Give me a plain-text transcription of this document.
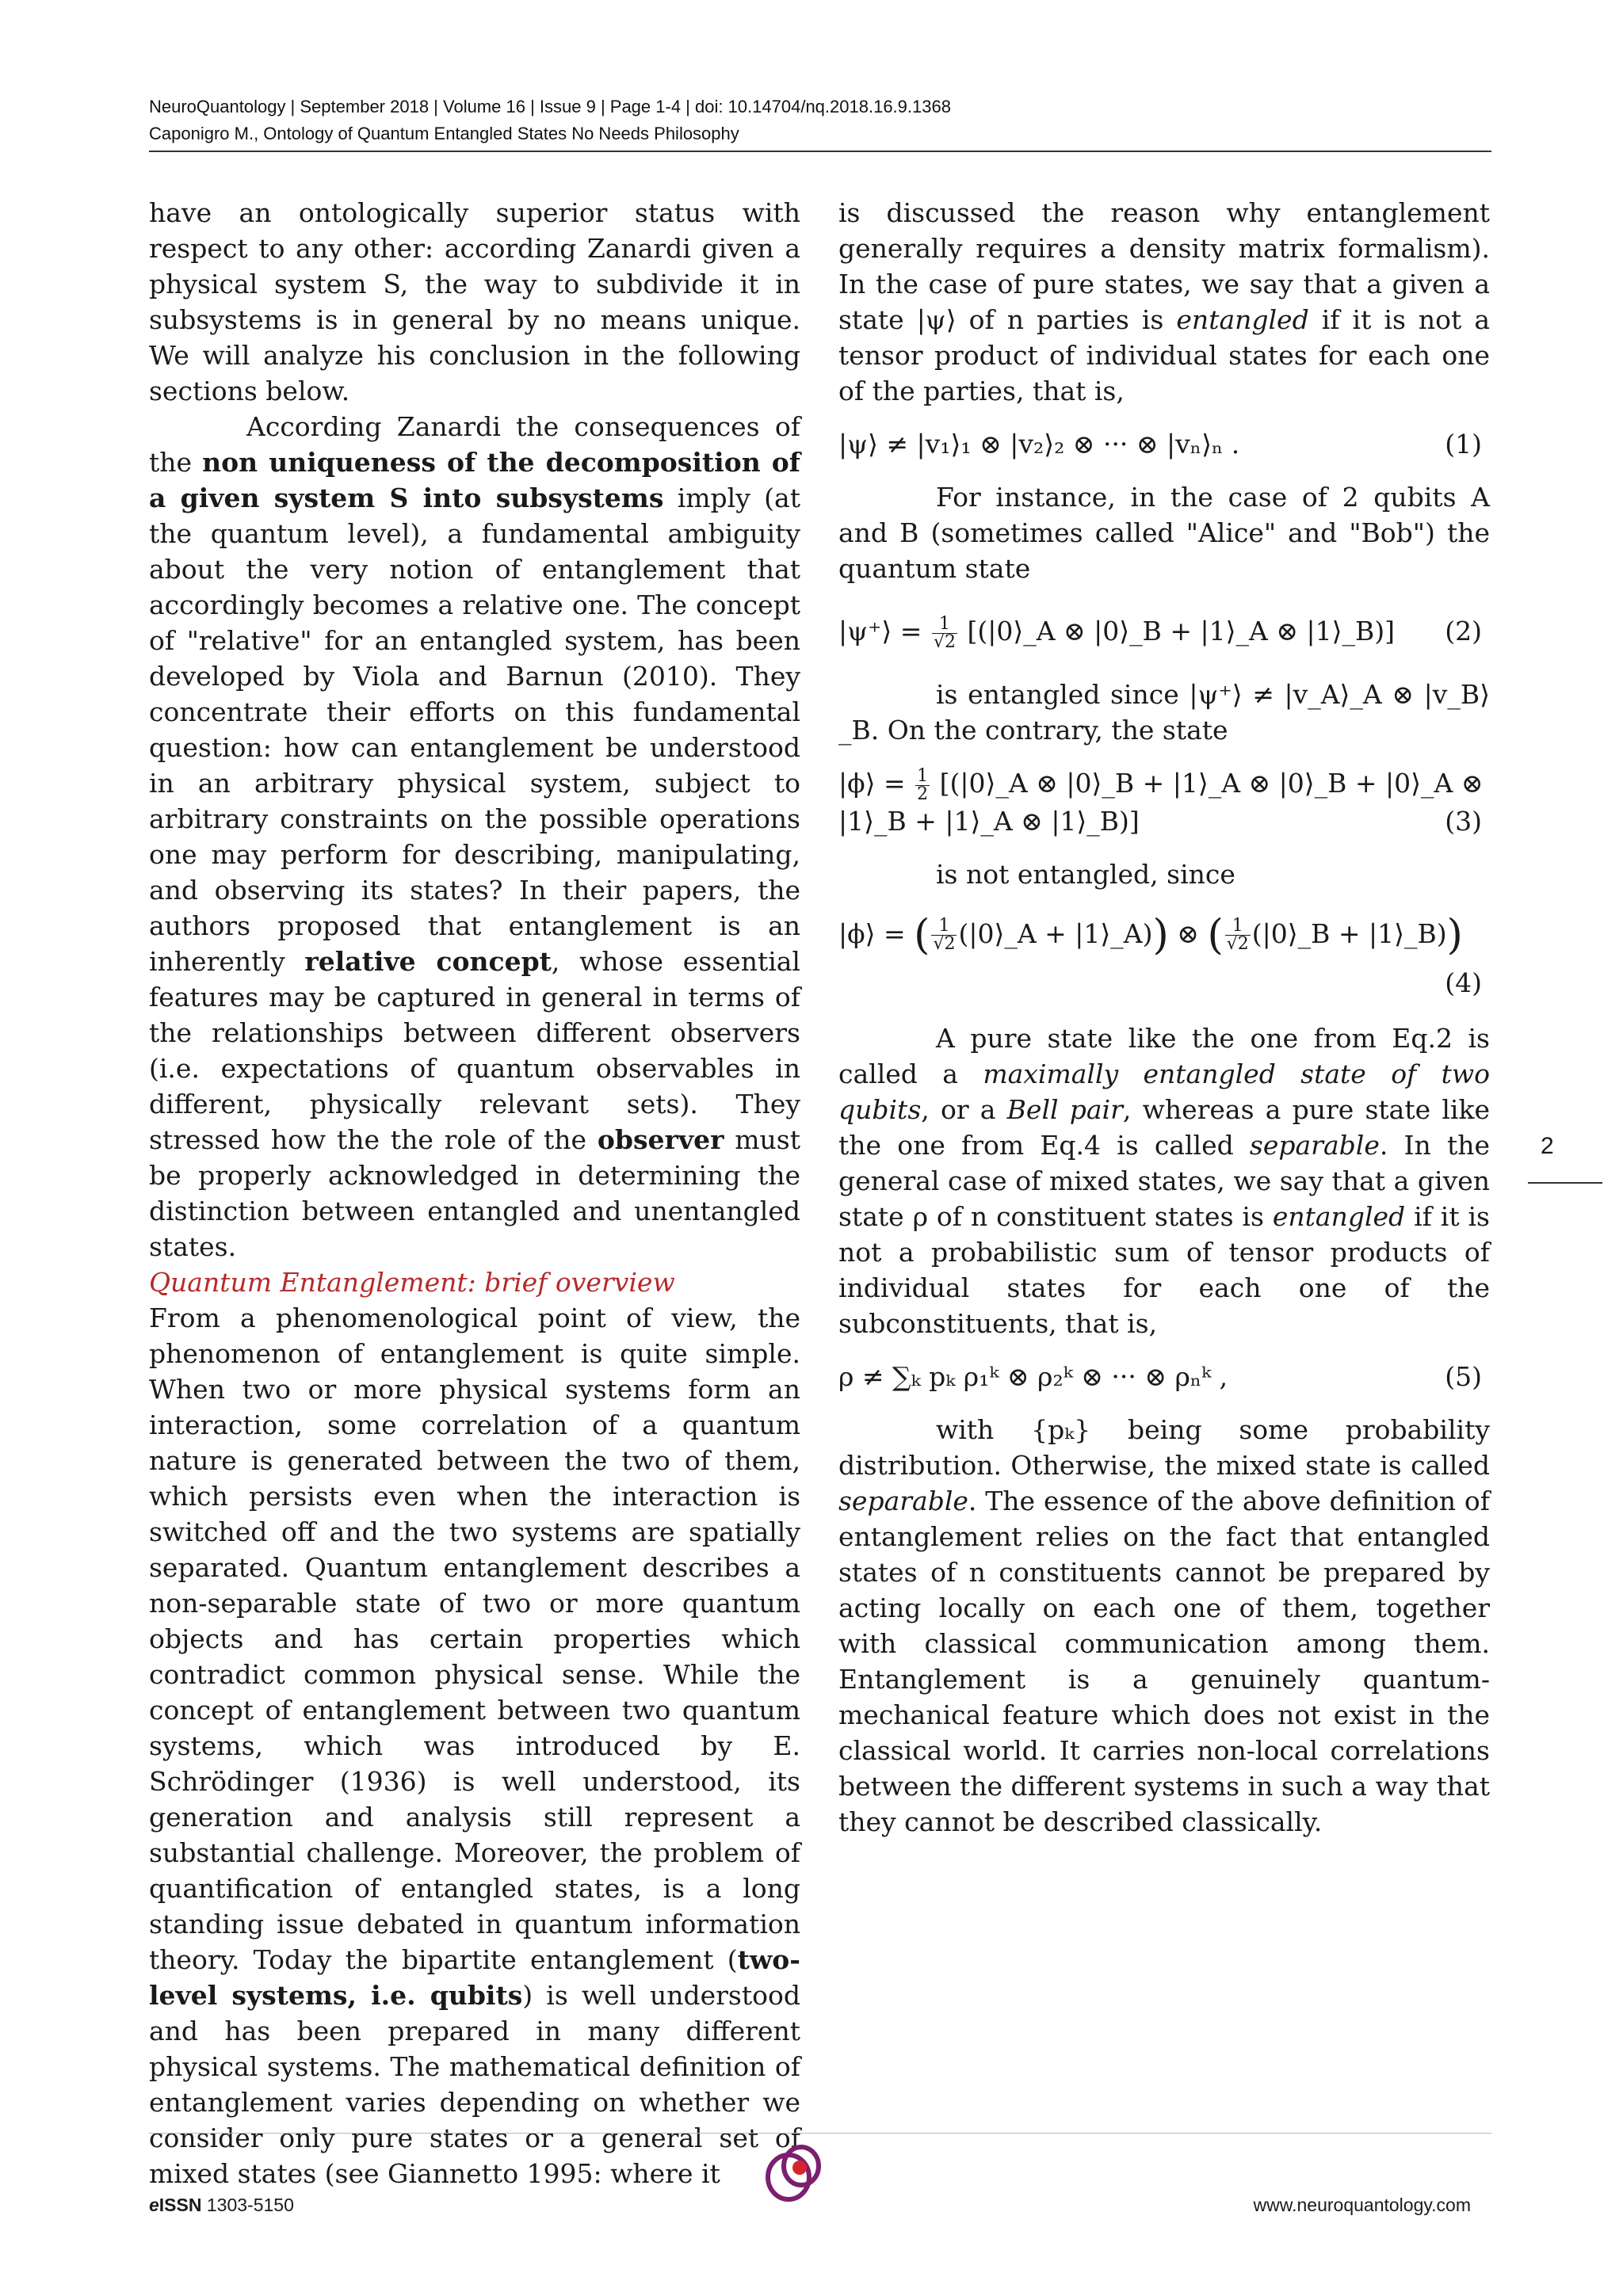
NeuroQuantology | September 2018 | Volume 16 | Issue 9 | Page 1-4 | doi: 10.14704/nq.2018.16.9.1368
Caponigro M., Ontology of Quantum Entangled States No Needs Philosophy

have an ontologically superior status with respect to any other: according Zanardi given a physical system S, the way to subdivide it in subsystems is in general by no means unique. We will analyze his conclusion in the following sections below.

According Zanardi the consequences of the non uniqueness of the decomposition of a given system S into subsystems imply (at the quantum level), a fundamental ambiguity about the very notion of entanglement that accordingly becomes a relative one. The concept of "relative" for an entangled system, has been developed by Viola and Barnun (2010). They concentrate their efforts on this fundamental question: how can entanglement be understood in an arbitrary physical system, subject to arbitrary constraints on the possible operations one may perform for describing, manipulating, and observing its states? In their papers, the authors proposed that entanglement is an inherently relative concept, whose essential features may be captured in general in terms of the relationships between different observers (i.e. expectations of quantum observables in different, physically relevant sets). They stressed how the the role of the observer must be properly acknowledged in determining the distinction between entangled and unentangled states.

Quantum Entanglement: brief overview

From a phenomenological point of view, the phenomenon of entanglement is quite simple. When two or more physical systems form an interaction, some correlation of a quantum nature is generated between the two of them, which persists even when the interaction is switched off and the two systems are spatially separated. Quantum entanglement describes a non-separable state of two or more quantum objects and has certain properties which contradict common physical sense. While the concept of entanglement between two quantum systems, which was introduced by E. Schrödinger (1936) is well understood, its generation and analysis still represent a substantial challenge. Moreover, the problem of quantification of entangled states, is a long standing issue debated in quantum information theory. Today the bipartite entanglement (two-level systems, i.e. qubits) is well understood and has been prepared in many different physical systems. The mathematical definition of entanglement varies depending on whether we consider only pure states or a general set of mixed states (see Giannetto 1995: where it

is discussed the reason why entanglement generally requires a density matrix formalism). In the case of pure states, we say that a given a state |ψ⟩ of n parties is entangled if it is not a tensor product of individual states for each one of the parties, that is,

|ψ⟩ ≠ |v₁⟩₁ ⊗ |v₂⟩₂ ⊗ ··· ⊗ |vₙ⟩ₙ .	(1)

For instance, in the case of 2 qubits A and B (sometimes called "Alice" and "Bob") the quantum state

|ψ⁺⟩ = $\frac{1}{√2}$ [(|0⟩_A ⊗ |0⟩_B + |1⟩_A ⊗ |1⟩_B)] (2)

is entangled since |ψ⁺⟩ ≠ |v_A⟩_A ⊗ |v_B⟩_B. On the contrary, the state

|ϕ⟩ = $\frac{1}{2}$ [(|0⟩_A ⊗ |0⟩_B + |1⟩_A ⊗ |0⟩_B + |0⟩_A ⊗
|1⟩_B + |1⟩_A ⊗ |1⟩_B)]	(3)

is not entangled, since

|ϕ⟩ = ( $\frac{1}{√2}$ (|0⟩_A + |1⟩_A)) ⊗ ( $\frac{1}{√2}$ (|0⟩_B + |1⟩_B))
(4)

A pure state like the one from Eq.2 is called a maximally entangled state of two qubits, or a Bell pair, whereas a pure state like the one from Eq.4 is called separable. In the general case of mixed states, we say that a given state ρ of n constituent states is entangled if it is not a probabilistic sum of tensor products of individual states for each one of the subconstituents, that is,

ρ ≠ ∑ₖ pₖ ρ₁ᵏ ⊗ ρ₂ᵏ ⊗ ··· ⊗ ρₙᵏ ,	(5)

with {pₖ} being some probability distribution. Otherwise, the mixed state is called separable. The essence of the above definition of entanglement relies on the fact that entangled states of n constituents cannot be prepared by acting locally on each one of them, together with classical communication among them. Entanglement is a genuinely quantum-mechanical feature which does not exist in the classical world. It carries non-local correlations between the different systems in such a way that they cannot be described classically.

2
eISSN 1303-5150	www.neuroquantology.com
